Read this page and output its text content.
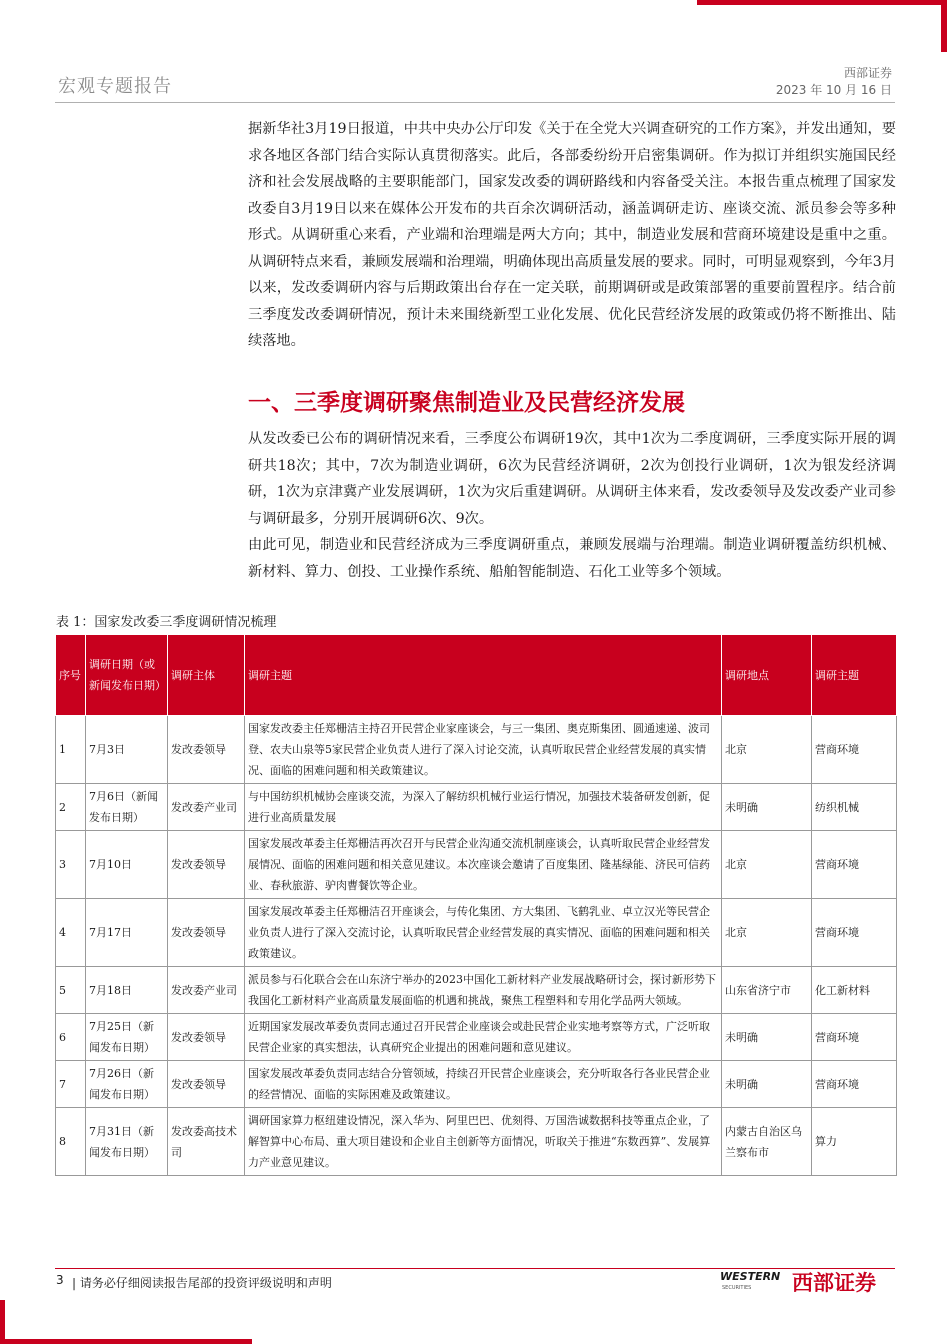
宏观专题报告
西部证券
2023 年 10 月 16 日
据新华社3月19日报道，中共中央办公厅印发《关于在全党大兴调查研究的工作方案》，并发出通知，要求各地区各部门结合实际认真贯彻落实。此后，各部委纷纷开启密集调研。作为拟订并组织实施国民经济和社会发展战略的主要职能部门，国家发改委的调研路线和内容备受关注。本报告重点梳理了国家发改委自3月19日以来在媒体公开发布的共百余次调研活动，涵盖调研走访、座谈交流、派员参会等多种形式。从调研重心来看，产业端和治理端是两大方向；其中，制造业发展和营商环境建设是重中之重。从调研特点来看，兼顾发展端和治理端，明确体现出高质量发展的要求。同时，可明显观察到，今年3月以来，发改委调研内容与后期政策出台存在一定关联，前期调研或是政策部署的重要前置程序。结合前三季度发改委调研情况，预计未来围绕新型工业化发展、优化民营经济发展的政策或仍将不断推出、陆续落地。
一、三季度调研聚焦制造业及民营经济发展
从发改委已公布的调研情况来看，三季度公布调研19次，其中1次为二季度调研，三季度实际开展的调研共18次；其中，7次为制造业调研，6次为民营经济调研，2次为创投行业调研，1次为银发经济调研，1次为京津冀产业发展调研，1次为灾后重建调研。从调研主体来看，发改委领导及发改委产业司参与调研最多，分别开展调研6次、9次。
由此可见，制造业和民营经济成为三季度调研重点，兼顾发展端与治理端。制造业调研覆盖纺织机械、新材料、算力、创投、工业操作系统、船舶智能制造、石化工业等多个领域。
表 1：国家发改委三季度调研情况梳理
序号	调研日期（或新闻发布日期）	调研主体	调研主题	调研地点	调研主题
1	7月3日	发改委领导	国家发改委主任郑栅洁主持召开民营企业家座谈会，与三一集团、奥克斯集团、圆通速递、波司登、农夫山泉等5家民营企业负责人进行了深入讨论交流，认真听取民营企业经营发展的真实情况、面临的困难问题和相关政策建议。	北京	营商环境
2	7月6日（新闻发布日期）	发改委产业司	与中国纺织机械协会座谈交流，为深入了解纺织机械行业运行情况，加强技术装备研发创新，促进行业高质量发展	未明确	纺织机械
3	7月10日	发改委领导	国家发展改革委主任郑栅洁再次召开与民营企业沟通交流机制座谈会，认真听取民营企业经营发展情况、面临的困难问题和相关意见建议。本次座谈会邀请了百度集团、隆基绿能、济民可信药业、春秋旅游、驴肉曹餐饮等企业。	北京	营商环境
4	7月17日	发改委领导	国家发展改革委主任郑栅洁召开座谈会，与传化集团、方大集团、飞鹤乳业、卓立汉光等民营企业负责人进行了深入交流讨论，认真听取民营企业经营发展的真实情况、面临的困难问题和相关政策建议。	北京	营商环境
5	7月18日	发改委产业司	派员参与石化联合会在山东济宁举办的2023中国化工新材料产业发展战略研讨会，探讨新形势下我国化工新材料产业高质量发展面临的机遇和挑战，聚焦工程塑料和专用化学品两大领域。	山东省济宁市	化工新材料
6	7月25日（新闻发布日期）	发改委领导	近期国家发展改革委负责同志通过召开民营企业座谈会或赴民营企业实地考察等方式，广泛听取民营企业家的真实想法，认真研究企业提出的困难问题和意见建议。	未明确	营商环境
7	7月26日（新闻发布日期）	发改委领导	国家发展改革委负责同志结合分管领域，持续召开民营企业座谈会，充分听取各行各业民营企业的经营情况、面临的实际困难及政策建议。	未明确	营商环境
8	7月31日（新闻发布日期）	发改委高技术司	调研国家算力枢纽建设情况，深入华为、阿里巴巴、优刻得、万国浩诚数据科技等重点企业，了解智算中心布局、重大项目建设和企业自主创新等方面情况，听取关于推进“东数西算”、发展算力产业意见建议。	内蒙古自治区乌兰察布市	算力
3 | 请务必仔细阅读报告尾部的投资评级说明和声明	WESTERN
SECURITIES 西部证券
